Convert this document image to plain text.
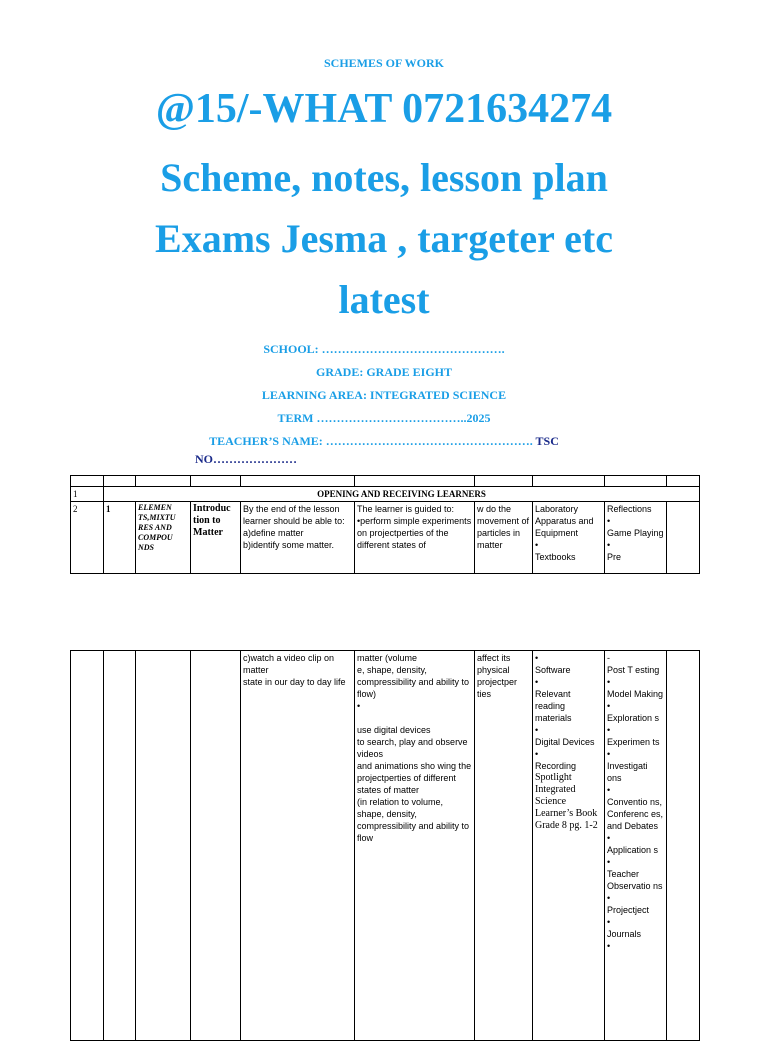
SCHEMES OF WORK
@15/-WHAT 0721634274
Scheme, notes, lesson plan
Exams Jesma , targeter etc
latest
SCHOOL: ……………………………………….
GRADE: GRADE EIGHT
LEARNING AREA: INTEGRATED SCIENCE
TERM ………………………………..2025
TEACHER’S NAME: ……………………………………………. TSC
NO…………………

1	OPENING AND RECEIVING LEARNERS								
2	1	ELEMEN TS,MIXTU RES AND COMPOU NDS	Introduc tion to Matter	By the end of the lesson learner should be able to:
a)define matter
b)identify some matter.	The learner is guided to:
•perform simple experiments
on projectperties of the different states of	w do the movement of particles in matter	Laboratory Apparatus and Equipment
•
Textbooks	Reflections
•
Game Playing
•
Pre	
				c)watch a video clip on matter
state in our day to day life	matter (volume
e, shape, density, compressibility and ability to flow)
•

use digital devices
to search, play and observe videos
and animations sho wing the projectperties of different states of matter
(in relation to volume, shape, density, compressibility and ability to flow	affect its physical projectper ties	
•
Software
•
Relevant reading materials
•
Digital Devices
•
Recording
Spotlight Integrated Science Learner’s Book Grade 8 pg. 1-2
	-
Post T esting
•
Model Making
•
Exploration s
•
Experimen ts
•
Investigati ons
•
Conventio ns, Conferenc es, and Debates
•
Application s
•
Teacher Observatio ns
•
Projectject
•
Journals
•	
